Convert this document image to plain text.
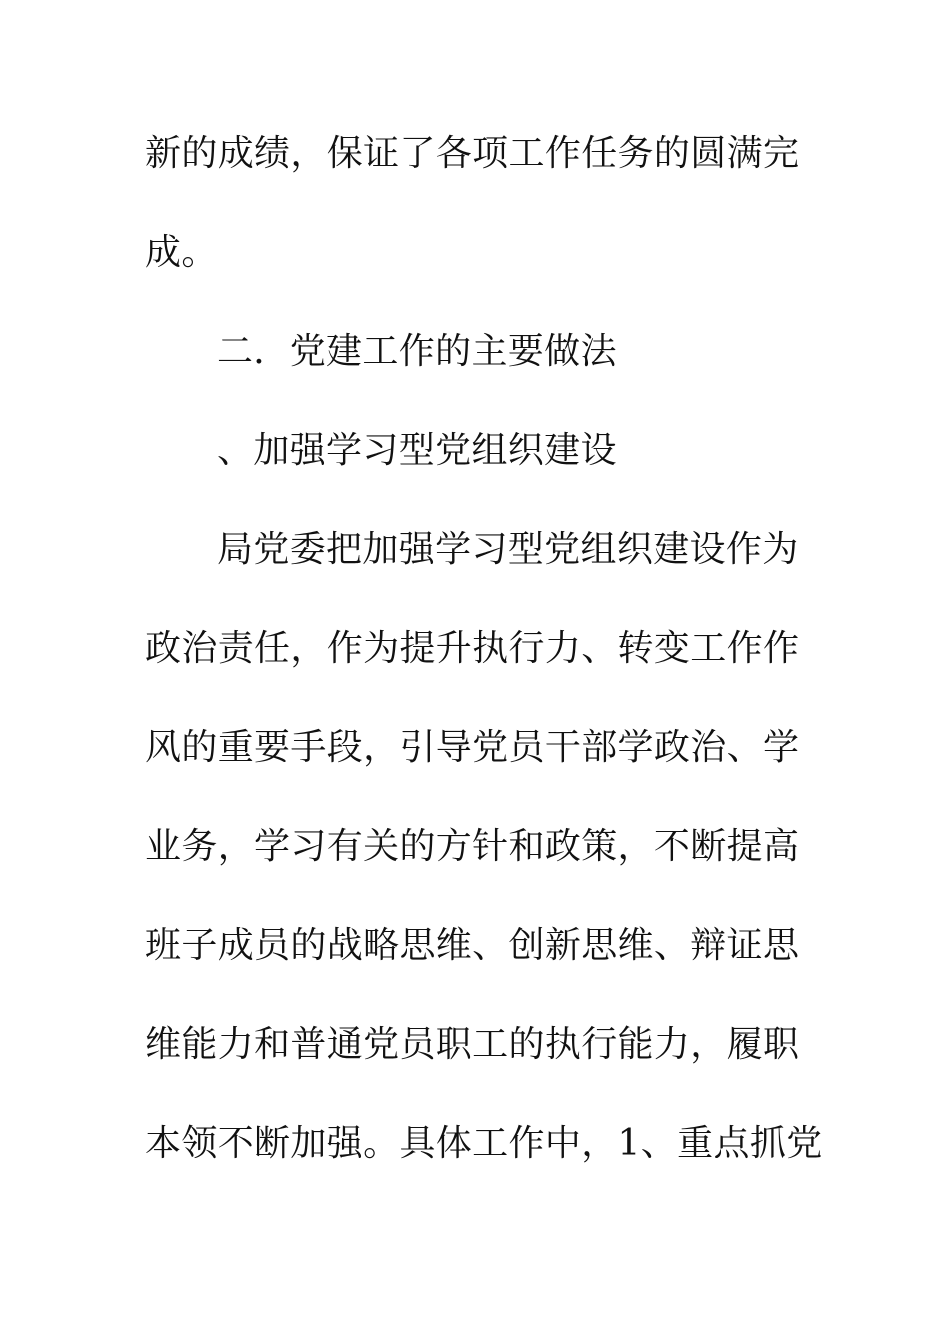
新的成绩，保证了各项工作任务的圆满完
成。
二．党建工作的主要做法
、加强学习型党组织建设
局党委把加强学习型党组织建设作为
政治责任，作为提升执行力、转变工作作
风的重要手段，引导党员干部学政治、学
业务，学习有关的方针和政策，不断提高
班子成员的战略思维、创新思维、辩证思
维能力和普通党员职工的执行能力，履职
本领不断加强。具体工作中，1、重点抓党
